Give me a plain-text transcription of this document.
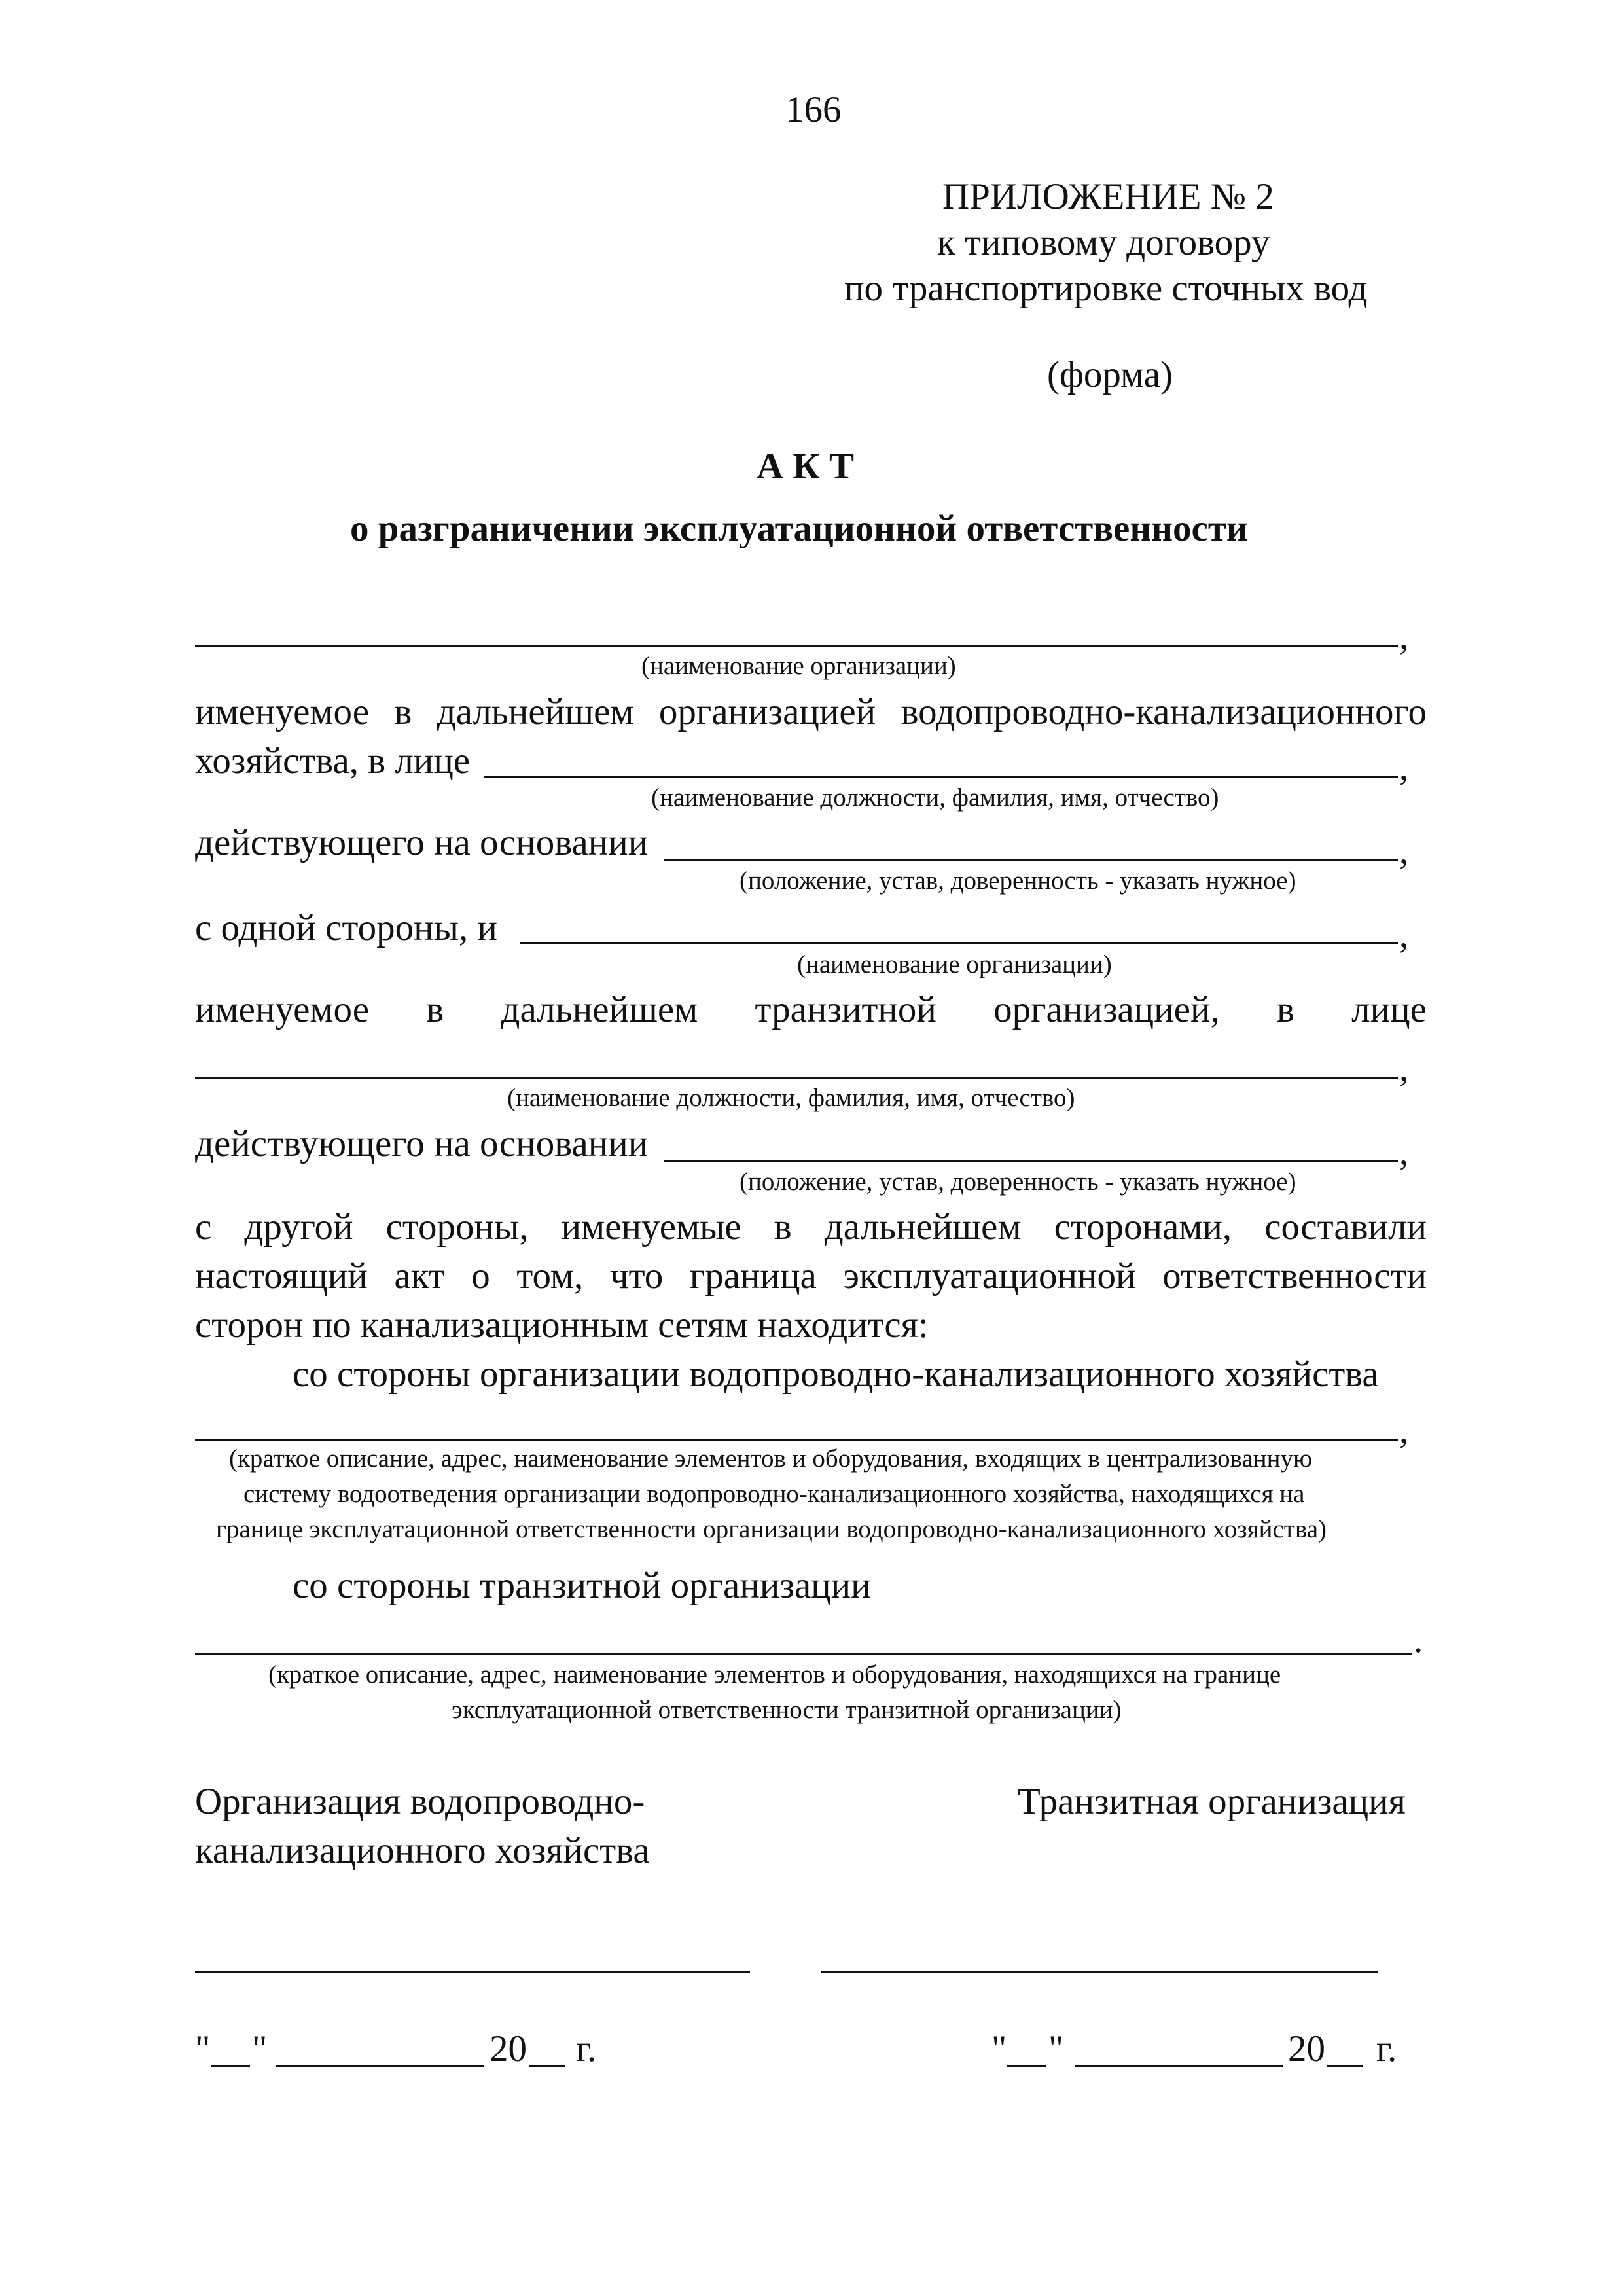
166
ПРИЛОЖЕНИЕ № 2
к типовому договору
по транспортировке сточных вод
(форма)
А К Т
о разграничении эксплуатационной ответственности
,
(наименование организации)
именуемое в дальнейшем организацией водопроводно-канализационного
хозяйства, в лице	,
(наименование должности, фамилия, имя, отчество)
действующего на основании	,
(положение, устав, доверенность - указать нужное)
с одной стороны, и	,
(наименование организации)
именуемое в дальнейшем транзитной организацией, в лице
,
(наименование должности, фамилия, имя, отчество)
действующего на основании	,
(положение, устав, доверенность - указать нужное)
с другой стороны, именуемые в дальнейшем сторонами, составили
настоящий акт о том, что граница эксплуатационной ответственности
сторон по канализационным сетям находится:
со стороны организации водопроводно-канализационного хозяйства
,
(краткое описание, адрес, наименование элементов и оборудования, входящих в централизованную
систему водоотведения организации водопроводно-канализационного хозяйства, находящихся на
границе эксплуатационной ответственности организации водопроводно-канализационного хозяйства)
со стороны транзитной организации
.
(краткое описание, адрес, наименование элементов и оборудования, находящихся на границе
эксплуатационной ответственности транзитной организации)
Организация водопроводно-
канализационного хозяйства
Транзитная организация
" "	20 г.	" "	20 г.
